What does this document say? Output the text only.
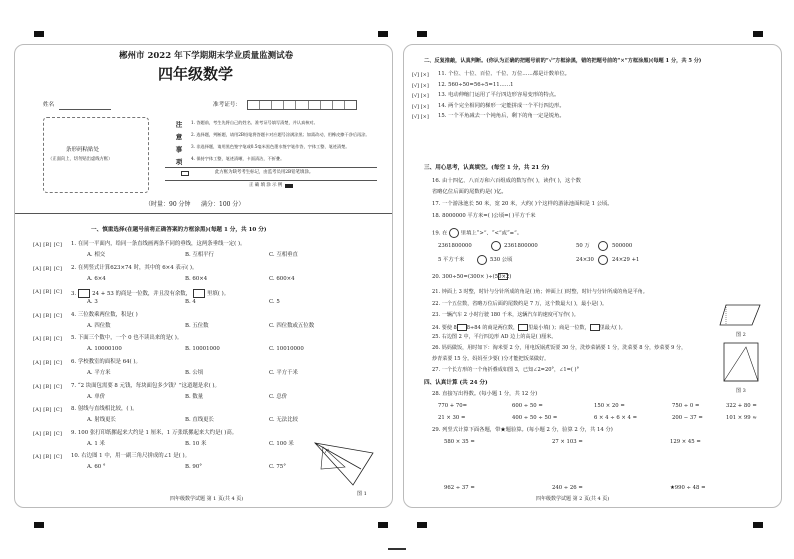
郴州市 2022 年下学期期末学业质量监测试卷
四年级数学
姓名	准考证号：
条形码粘贴处
（正面向上，切勿贴出虚线方框）	注意事项 1. 答题前，考生先将自己的姓名、准考证号填写清楚，并认真核对。
2. 选择题，判断题，请用2B铅笔将答题卡对应题号涂满涂黑；如需改动，用橡皮擦干净后再涂。
3. 非选择题，请用黑色签字笔或0.5毫米黑色墨水签字笔作答，字体工整、笔迹清楚。
4. 保持字体工整，笔迹清晰，卡面清洁，不折叠。
此方框为缺考考生标记，由监考员用2B铅笔填涂。
正 确 填 涂 示 例
（时量：90 分钟 满分：100 分）
一、慎重选择(在题号前将正确答案的方框涂黑)(每题 1 分，共 10 分)
[A] [B] [C] 1. 在同一平面内，给同一条直线画两条不同的垂线，这两条垂线一定( )。
A. 相交	B. 互相平行	C. 互相垂直
[A] [B] [C] 2. 在列竖式计算623×74 时，其中的 6×4 表示( )。
A. 6×4	B. 60×4	C. 600×4
[A] [B] [C] 3.	24 + 53 的商是一位数，并且没有余数，	里填( )。
A. 3	B. 4	C. 5
[A] [B] [C] 4. 三位数乘两位数，积是( )
A. 四位数	B. 五位数	C. 四位数或五位数
[A] [B] [C] 5. 下面三个数中，一个 0 也不读出来的是( )。
A. 10000100	B. 10001000	C. 10010000
[A] [B] [C] 6. 学校教室的面积是 64( )。
A. 平方米	B. 公顷	C. 平方千米
[A] [B] [C] 7. “2 块面包需要 8 元钱，每块面包多少钱？”这道题是求( )。
A. 单价	B. 数量	C. 总价
[A] [B] [C] 8. 射线与直线相比较，( )。
A. 射线更长	B. 直线更长	C. 无法比较
[A] [B] [C] 9. 100 张打印纸摞起来大约是 1 厘米，1 万张纸摞起来大约是( )高。
A. 1 米	B. 10 米	C. 100 米
[A] [B] [C] 10. 右边图 1 中，用一副三角尺拼成的∠1 是( )。
A. 60 °	B. 90°	C. 75°
图 1
四年级数学试题 第 1 页(共 4 页)
二、反复推敲，认真判断。(你认为正确的把题号前的“√”方框涂黑，错的把题号前的“×”方框涂黑)(每题 1 分，共 5 分)
[√] [×] 11. 个位、十位、百位、千位、万位……都是计数单位。
[√] [×] 12. 560÷50=56÷5=11……1
[√] [×] 13. 电动伸缩门运用了平行四边形容易变形的特点。
[√] [×] 14. 两个完全相同的梯形一定能拼成一个平行四边形。
[√] [×] 15. 一个平角减去一个钝角后，剩下的角一定是锐角。
三、用心思考，认真填空。(每空 1 分，共 21 分)
16. 由十四亿、八百万和六百组成的数写作( )，读作( )，这个数
省略亿位后面的尾数约是( )亿。
17. 一个游泳池长 50 米，宽 20 米，大约( )个这样的游泳池面积是 1 公顷。
18. 8000000 平方米=( )公顷=( )平方千米
19. 在	里填上“>”、“<”或“=”。
2361800000	2361800000	50 万	500000
5 平方千米	530 公顷	24×30	24×29 +1
20. 300÷50=(300× )÷(50×2)
21. 钟面上 3 时整，时针与分针所成的角是( )角；钟面上( )时整，时针与分针所成的角是平角。
22. 一个五位数，省略万位后面的尾数约是 7 万，这个数最大( )，最小是( )。
23. 一辆汽车 2 小时行驶 180 千米，这辆汽车的速度可写作( )。
24. 要使 8 8÷84 的商是两位数， 里最小填( )；商是一位数， 里最大( )。
25. 右边图 2 中，平行四边形 AD 边上的高是( )厘米。
26. 妈妈做饭，用时如下：淘米要 2 分，用电饭锅煮饭要 30 分，洗炒菜锅要 1 分，洗菜要 8 分，炒菜要 9 分，
炒青菜要 15 分。妈妈至少要( )分才能把饭菜做好。
27. 一个长方形的一个角折叠成如图 3，已知∠2=20°，∠1=( )°
图 2
图 3
四、认真计算 (共 24 分)
28. 直接写出得数。(每小题 1 分，共 12 分)
770 + 70=	600 ÷ 50 =	150 × 20 =	750 ÷ 0 =	322 + 80 =
21 × 30 =	400 ÷ 50 ÷ 50 =	6 × 4 ÷ 6 × 4 =	200 − 37 =	101 × 99 ≈
29. 列竖式计算下面各题，带★题验算。(每小题 2 分，验算 2 分，共 14 分)
580 × 35 =	27 × 103 =	129 × 45 =
962 ÷ 37 =	240 ÷ 26 =	★990 ÷ 48 =
四年级数学试题 第 2 页(共 4 页)
